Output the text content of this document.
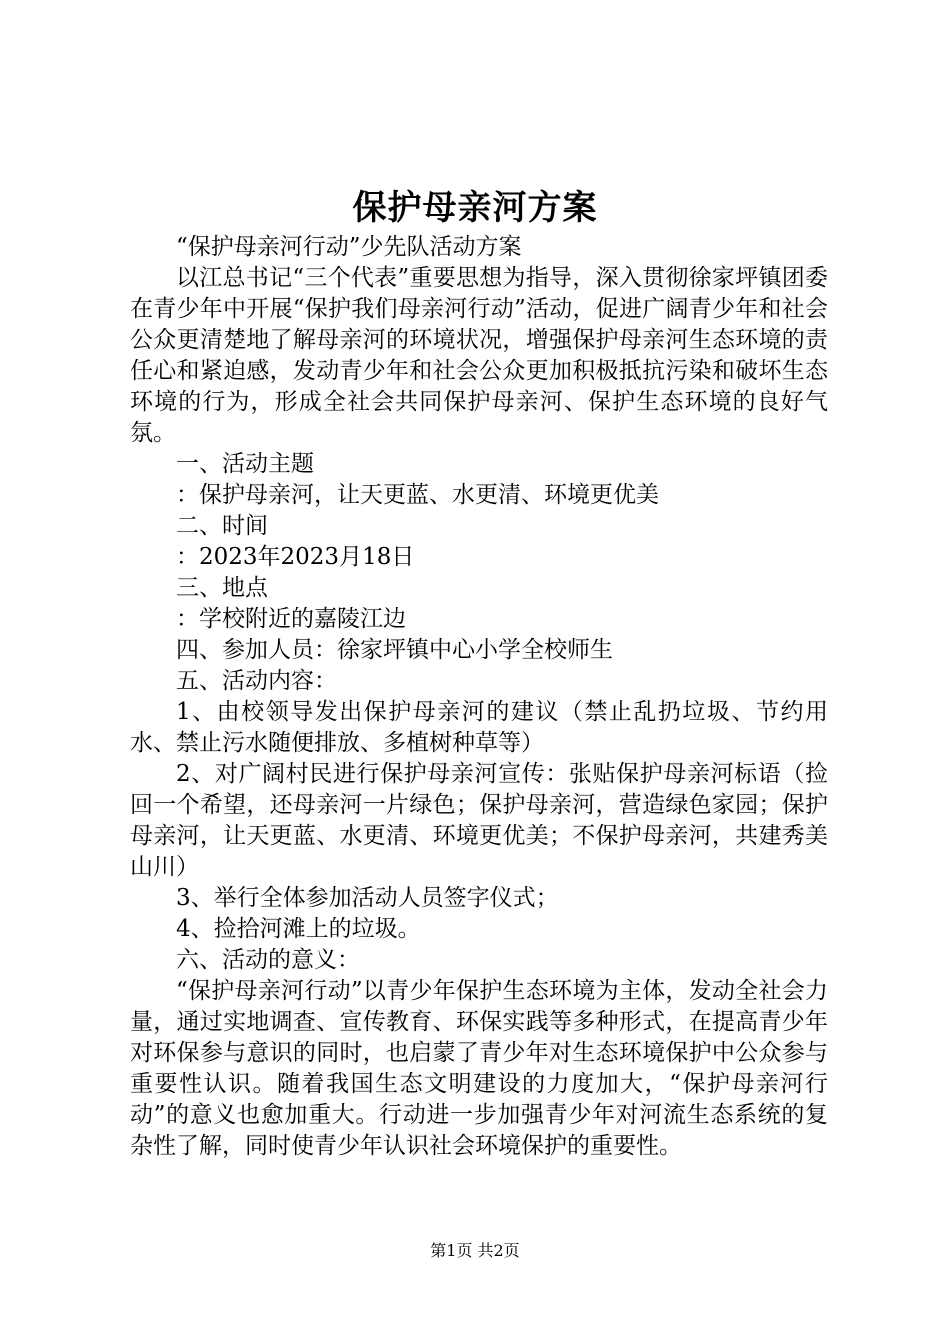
保护母亲河方案

“保护母亲河行动”少先队活动方案

以江总书记“三个代表”重要思想为指导，深入贯彻徐家坪镇团委在青少年中开展“保护我们母亲河行动”活动，促进广阔青少年和社会公众更清楚地了解母亲河的环境状况，增强保护母亲河生态环境的责任心和紧迫感，发动青少年和社会公众更加积极抵抗污染和破坏生态环境的行为，形成全社会共同保护母亲河、保护生态环境的良好气氛。

一、活动主题

：保护母亲河，让天更蓝、水更清、环境更优美

二、时间

：2023年2023月18日

三、地点

：学校附近的嘉陵江边

四、参加人员：徐家坪镇中心小学全校师生

五、活动内容：

1、由校领导发出保护母亲河的建议（禁止乱扔垃圾、节约用水、禁止污水随便排放、多植树种草等）

2、对广阔村民进行保护母亲河宣传：张贴保护母亲河标语（捡回一个希望，还母亲河一片绿色；保护母亲河，营造绿色家园；保护母亲河，让天更蓝、水更清、环境更优美；不保护母亲河，共建秀美山川）

3、举行全体参加活动人员签字仪式；

4、捡拾河滩上的垃圾。

六、活动的意义：

“保护母亲河行动”以青少年保护生态环境为主体，发动全社会力量，通过实地调查、宣传教育、环保实践等多种形式，在提高青少年对环保参与意识的同时，也启蒙了青少年对生态环境保护中公众参与重要性认识。随着我国生态文明建设的力度加大，“保护母亲河行动”的意义也愈加重大。行动进一步加强青少年对河流生态系统的复杂性了解，同时使青少年认识社会环境保护的重要性。

第1页 共2页
